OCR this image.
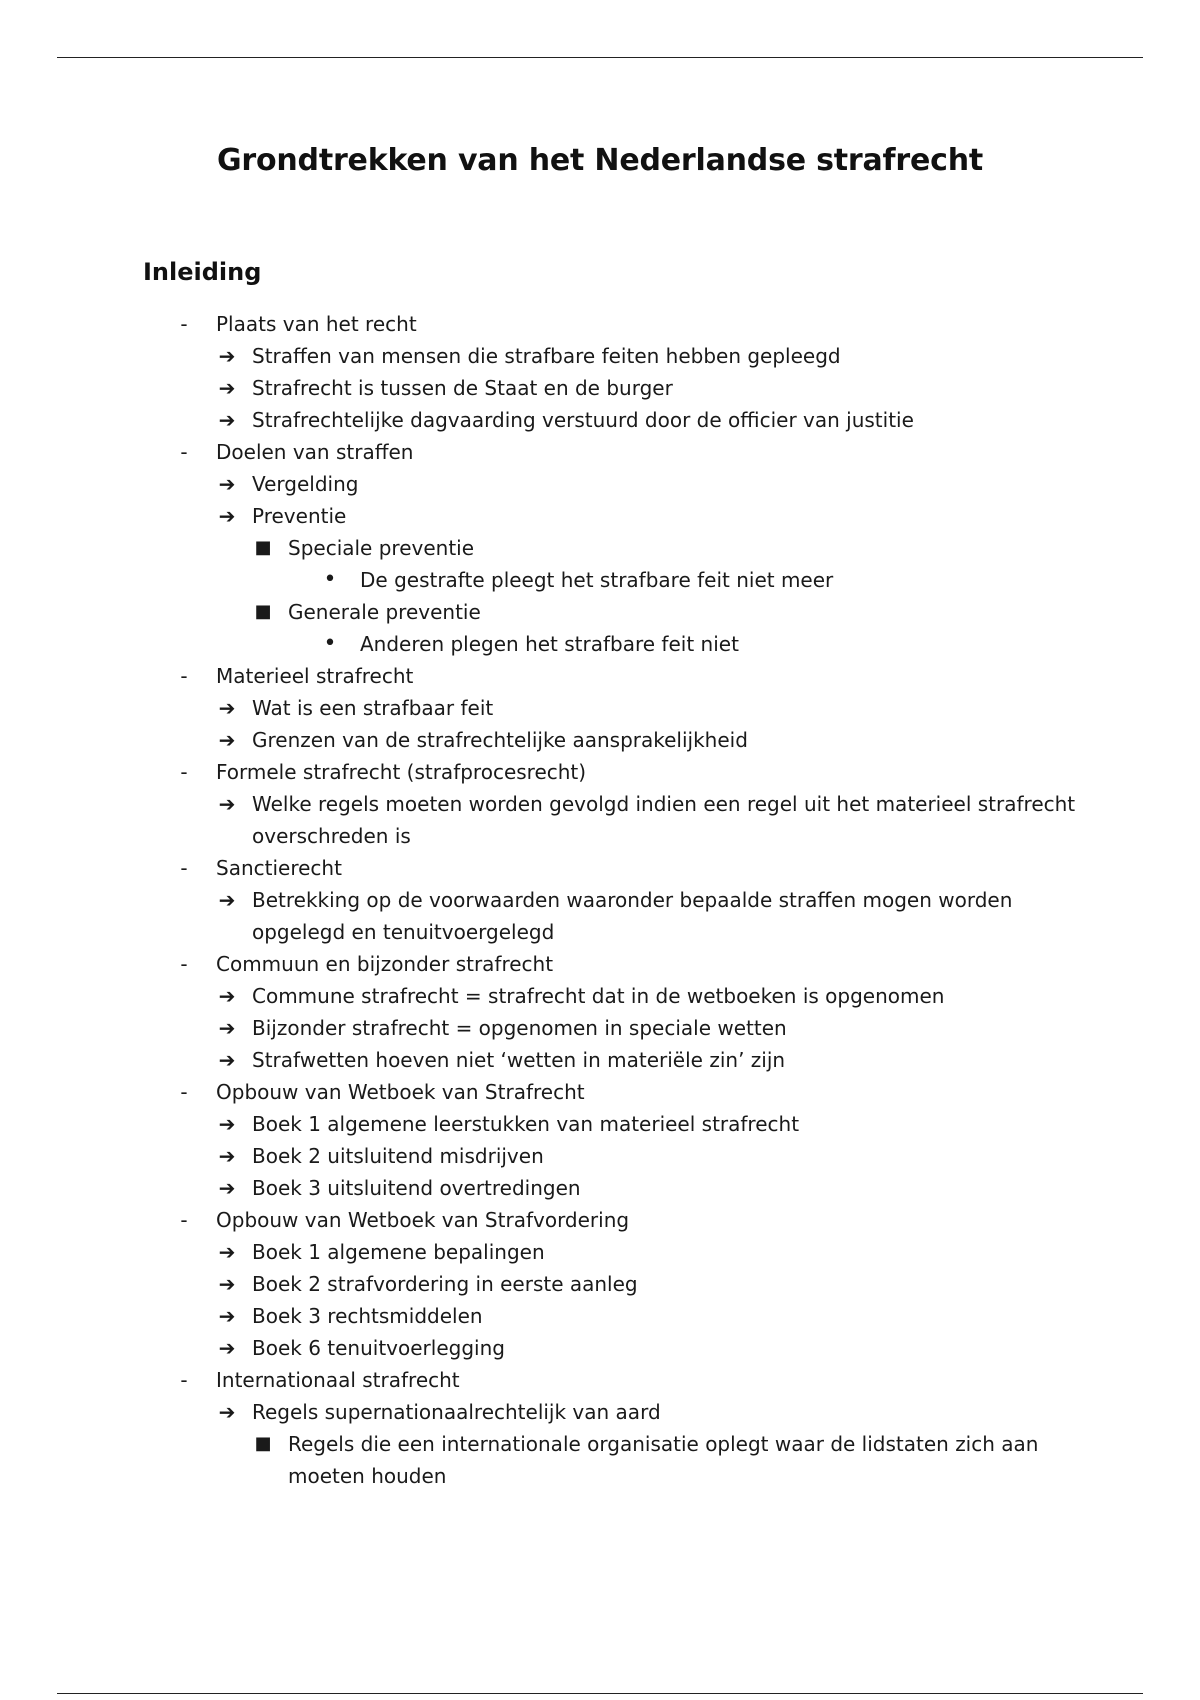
Grondtrekken van het Nederlandse strafrecht
Inleiding
-	Plaats van het recht
➔ Straffen van mensen die strafbare feiten hebben gepleegd
➔ Strafrecht is tussen de Staat en de burger
➔ Strafrechtelijke dagvaarding verstuurd door de officier van justitie
-	Doelen van straffen
➔ Vergelding
➔ Preventie
■ Speciale preventie
• De gestrafte pleegt het strafbare feit niet meer
■ Generale preventie
• Anderen plegen het strafbare feit niet
-	Materieel strafrecht
➔ Wat is een strafbaar feit
➔ Grenzen van de strafrechtelijke aansprakelijkheid
-	Formele strafrecht (strafprocesrecht)
➔ Welke regels moeten worden gevolgd indien een regel uit het materieel strafrecht
overschreden is
-	Sanctierecht
➔ Betrekking op de voorwaarden waaronder bepaalde straffen mogen worden
opgelegd en tenuitvoergelegd
-	Commuun en bijzonder strafrecht
➔ Commune strafrecht = strafrecht dat in de wetboeken is opgenomen
➔ Bijzonder strafrecht = opgenomen in speciale wetten
➔ Strafwetten hoeven niet ‘wetten in materiële zin’ zijn
-	Opbouw van Wetboek van Strafrecht
➔ Boek 1 algemene leerstukken van materieel strafrecht
➔ Boek 2 uitsluitend misdrijven
➔ Boek 3 uitsluitend overtredingen
-	Opbouw van Wetboek van Strafvordering
➔ Boek 1 algemene bepalingen
➔ Boek 2 strafvordering in eerste aanleg
➔ Boek 3 rechtsmiddelen
➔ Boek 6 tenuitvoerlegging
-	Internationaal strafrecht
➔ Regels supernationaalrechtelijk van aard
■ Regels die een internationale organisatie oplegt waar de lidstaten zich aan
moeten houden
